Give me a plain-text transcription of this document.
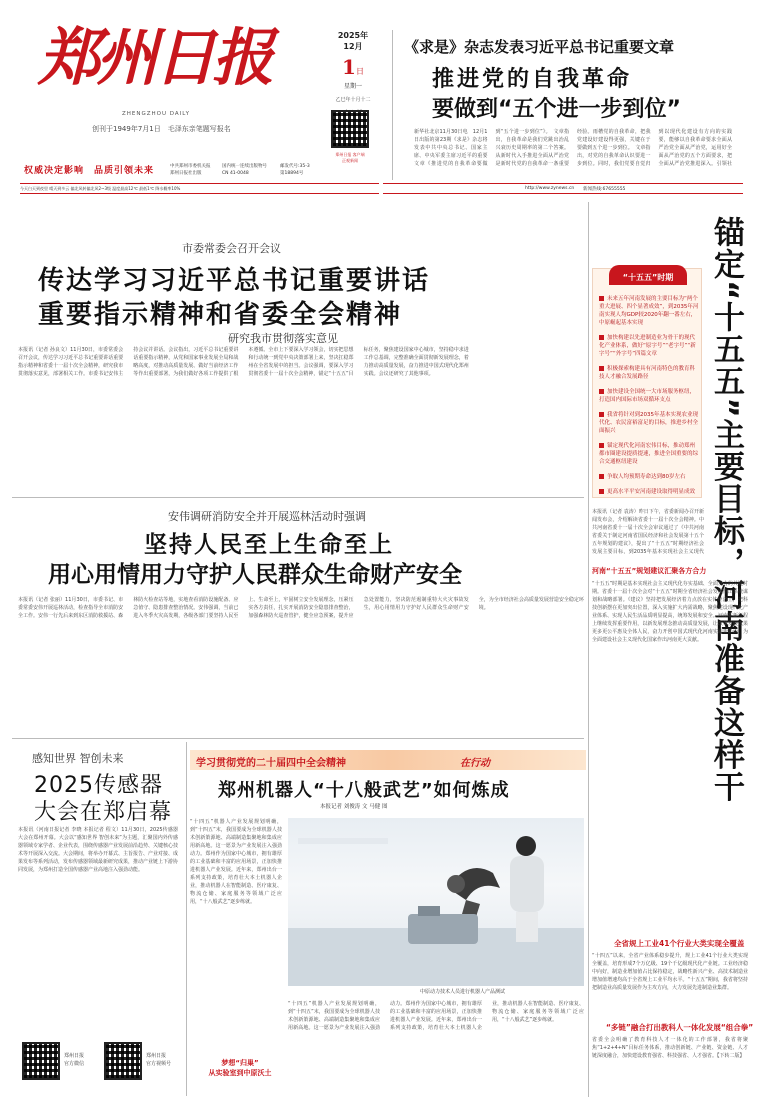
郑州日报
ZHENGZHOU DAILY
创刊于1949年7月1日　毛泽东亲笔题写报名
2025年 12月
1日
星期一
乙巳年十月十二
郑州日报 客户端
正观新闻
权威决定影响　品质引领未来	中共郑州市委机关报
郑州日报社出版
国内统一连续出版物号
CN 41-0048
邮发代号:35-3
第18894号
今天白天到夜里 晴天到多云 偏北风转偏北风2~3级 温度最高12℃ 最低1℃ 降水概率10%	http://www.zynews.cn 新闻热线:67655555
《求是》杂志发表习近平总书记重要文章
推进党的自我革命
要做到“五个进一步到位”
新华社北京11月30日电　12月1日出版的第23期《求是》杂志将发表中共中央总书记、国家主席、中央军委主席习近平的重要文章《推进党的自我革命要做到“五个进一步到位”》。　文章指出，自我革命是我们党跳出治乱兴衰历史周期率的第二个答案。从新时代入手推进全面从严治党是新时代党的自我革命一条重要经验。雨槽党的自我革命，把我党建设好建设得更强，关键在于要做到五个进一步到位。　文章指出，对党的自我革命认识要进一步到位。同时，我们党要自觉归到以现代化建设有方向的实践要，能够以自我革命要求全面从严治党全面从严治党，运用好全面从严治党的五个方面要求，把全面从严治党推进深入。引领社
市委常委会召开会议
传达学习习近平总书记重要讲话
重要指示精神和省委全会精神
研究我市贯彻落实意见
本报讯（记者 孙良文）11月30日，市委常委会召开会议，传达学习习近平总书记重要讲话重要指示精神和省委十一届十次全会精神，研究我市贯彻落实意见，部署相关工作。市委书记安伟主持会议并讲话。会议指出，习近平总书记重要讲话重要指示精神，从党和国家事业发展全局和战略高度，对推动高质量发展、做好当前经济工作等作出重要部署，为我们做好各项工作提供了根本遵循。全市上下要深入学习领会，切实把思想和行动统一到党中央决策部署上来，坚决扛稳郑州在全省发展中的担当。会议强调，要深入学习贯彻省委十一届十次全会精神，锚定“十五五”目标任务，聚焦建设国家中心城市，坚持稳中求进工作总基调，完整准确全面贯彻新发展理念，着力推动高质量发展，奋力推进中国式现代化郑州实践。会议还研究了其他事项。	锚定“十五五”主要目标，河南准备这样干
“十五五”时期
未来五年河南发展的主要目标为“两个重大进展、四个显著成效”，到2035年河南实现人均GDP较2020年翻一番左右，中原崛起基本实现
加快构建以先进制造业为骨干的现代化产业体系，做好“原字号”“老字号”“新字号”“外字号”四篇文章
积极探索构建具有河南特色的教育科技人才融合发展路径
加快建设全国统一大市场服务枢纽，打造国内国际市场双循环支点
我省将针对到2035年基本实现农业现代化、农民富裕富足的目标，推进乡村全面振兴
锚定现代化河南宏伟目标，推动郑州都市圈建设提质提速，推进全国重要的综合交通枢纽建设
争取人均预期寿命达到80岁左右
更高水平平安河南建设取得明显成效
本报讯（记者 袁涛）昨日下午，省委新闻办召开新闻发布会，介绍解读省委十一届十次全会精神。中共河南省委十一届十次全会审议通过了《中共河南省委关于制定河南省国民经济和社会发展第十五个五年规划的建议》，提出了“十五五”时期经济社会发展主要目标，到2035年基本实现社会主义现代
河南“十五五”规划建议汇聚各方合力
“十五五”时期是基本实现社会主义现代化夯实基础、全面发力的关键时期。省委十一届十次全会对“十五五”时期全省经济社会发展作出系统谋划和战略部署。《建议》坚持把发展经济着力点放在实体经济上，把科技创新摆在更加突出位置，深入实施扩大内需战略，聚焦建设现代化产业体系、实现人民生活品质明显提高，统筹发展和安全。河南在新征程上继续发挥重要作用，以新发展理念推动高质量发展，让改革发展成果更多更公平惠及全体人民，奋力开创中国式现代化河南实践新局面，为全面建设社会主义现代化国家作出河南更大贡献。
全省规上工业41个行业大类实现全覆盖
“十四五”以来，全省产业体系稳步提升，规上工业41个行业大类实现全覆盖，培育形成7个万亿级、19个千亿级现代化产业链。工业经济稳中向好，制造业增加值占比保持稳定，战略性新兴产业、高技术制造业增加值增速均高于全省规上工业平均水平。“十五五”期间，我省将坚持把制造业高质量发展作为主攻方向，大力发展先进制造业集群。
“多链”融合打出教科人一体化发展“组合拳”
省委全会明确了教育科技人才一体化的工作部署，我省将聚焦“1+2+4+N”目标任务体系，推动创新链、产业链、资金链、人才链深度融合，加快建设教育强省、科技强省、人才强省。【下转二版】
安伟调研消防安全并开展巡林活动时强调
坚持人民至上生命至上
用心用情用力守护人民群众生命财产安全
本报讯（记者 张丽）11月30日，市委书记、市委常委安伟开展巡林活动，检查指导全市消防安全工作。安伟一行先后来到东区消防救援站、森林防火检查站等地，实地查看消防设施配备、应急值守、隐患排查整治情况。安伟强调，当前已进入冬季火灾高发期，各级各部门要坚持人民至上、生命至上，牢固树立安全发展理念，压紧压实各方责任，扎实开展消防安全隐患排查整治，加强森林防火巡查管护，健全应急预案，提升应急处置能力，坚决防范遏制重特大火灾事故发生，用心用情用力守护好人民群众生命财产安全，为全市经济社会高质量发展营造安全稳定环境。
感知世界 智创未来
2025传感器
大会在郑启幕
本报讯（河南日报记者 李晓 本报记者 程文）11月30日，2025传感器大会在郑州开幕。大会以“感知世界 智创未来”为主题，汇聚国内外传感器领域专家学者、企业代表，围绕传感器产业发展前沿趋势、关键核心技术等开展深入交流。大会期间，将举办开幕式、主旨报告、产业对接、成果发布等系列活动，发布传感器领域最新研究成果，推动产业链上下游协同发展，为郑州打造全国传感器产业高地注入强劲动能。
郑州日报
官方微信
郑州日报
官方视频号
学习贯彻党的二十届四中全会精神	在行动
郑州机器人“十八般武艺”如何炼成
本报记者 刘俊涛 文 马健 图
“十四五”机器人产业发展规划明确，到“十四五”末，我国要成为全球机器人技术创新策源地、高端制造集聚地和集成应用新高地。这一愿景为产业发展注入强劲动力。郑州作为国家中心城市，拥有雄厚的工业基础和丰富的应用场景，正加快推进机器人产业发展。近年来，郑州出台一系列支持政策，培育壮大本土机器人企业，推动机器人在智能制造、医疗康复、物流仓储、家庭服务等领域广泛应用，“十八般武艺”逐步练就。
中原动力技术人员进行机器人产品测试
“十四五”机器人产业发展规划明确，到“十四五”末，我国要成为全球机器人技术创新策源地、高端制造集聚地和集成应用新高地。这一愿景为产业发展注入强劲动力。郑州作为国家中心城市，拥有雄厚的工业基础和丰富的应用场景，正加快推进机器人产业发展。近年来，郑州出台一系列支持政策，培育壮大本土机器人企业，推动机器人在智能制造、医疗康复、物流仓储、家庭服务等领域广泛应用，“十八般武艺”逐步练就。
梦想“归巢”
从实验室到中原沃土
